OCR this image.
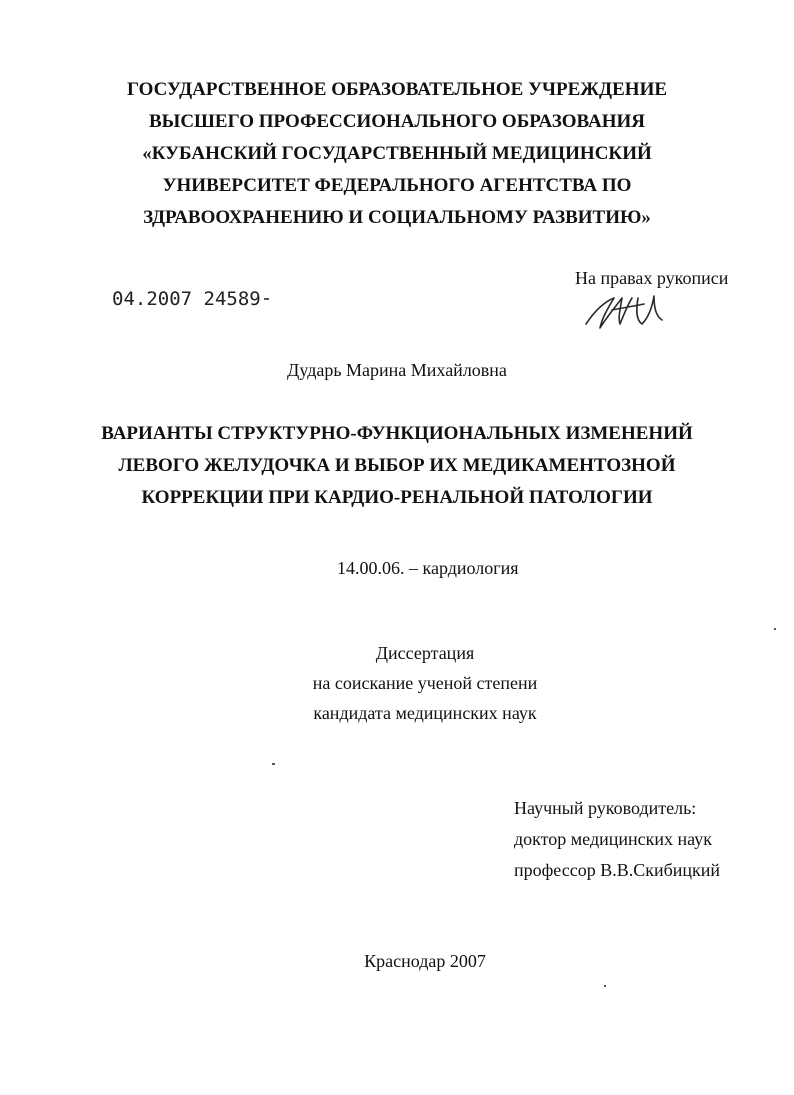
ГОСУДАРСТВЕННОЕ ОБРАЗОВАТЕЛЬНОЕ УЧРЕЖДЕНИЕ
ВЫСШЕГО ПРОФЕССИОНАЛЬНОГО ОБРАЗОВАНИЯ
«КУБАНСКИЙ ГОСУДАРСТВЕННЫЙ МЕДИЦИНСКИЙ
УНИВЕРСИТЕТ ФЕДЕРАЛЬНОГО АГЕНТСТВА ПО
ЗДРАВООХРАНЕНИЮ И СОЦИАЛЬНОМУ РАЗВИТИЮ»
На правах рукописи
04.2007 24589
Дударь Марина Михайловна
ВАРИАНТЫ СТРУКТУРНО-ФУНКЦИОНАЛЬНЫХ ИЗМЕНЕНИЙ
ЛЕВОГО ЖЕЛУДОЧКА И ВЫБОР ИХ МЕДИКАМЕНТОЗНОЙ
КОРРЕКЦИИ ПРИ КАРДИО-РЕНАЛЬНОЙ ПАТОЛОГИИ
14.00.06. – кардиология
Диссертация
на соискание ученой степени
кандидата медицинских наук
Научный руководитель:
доктор медицинских наук
профессор В.В.Скибицкий
Краснодар 2007
